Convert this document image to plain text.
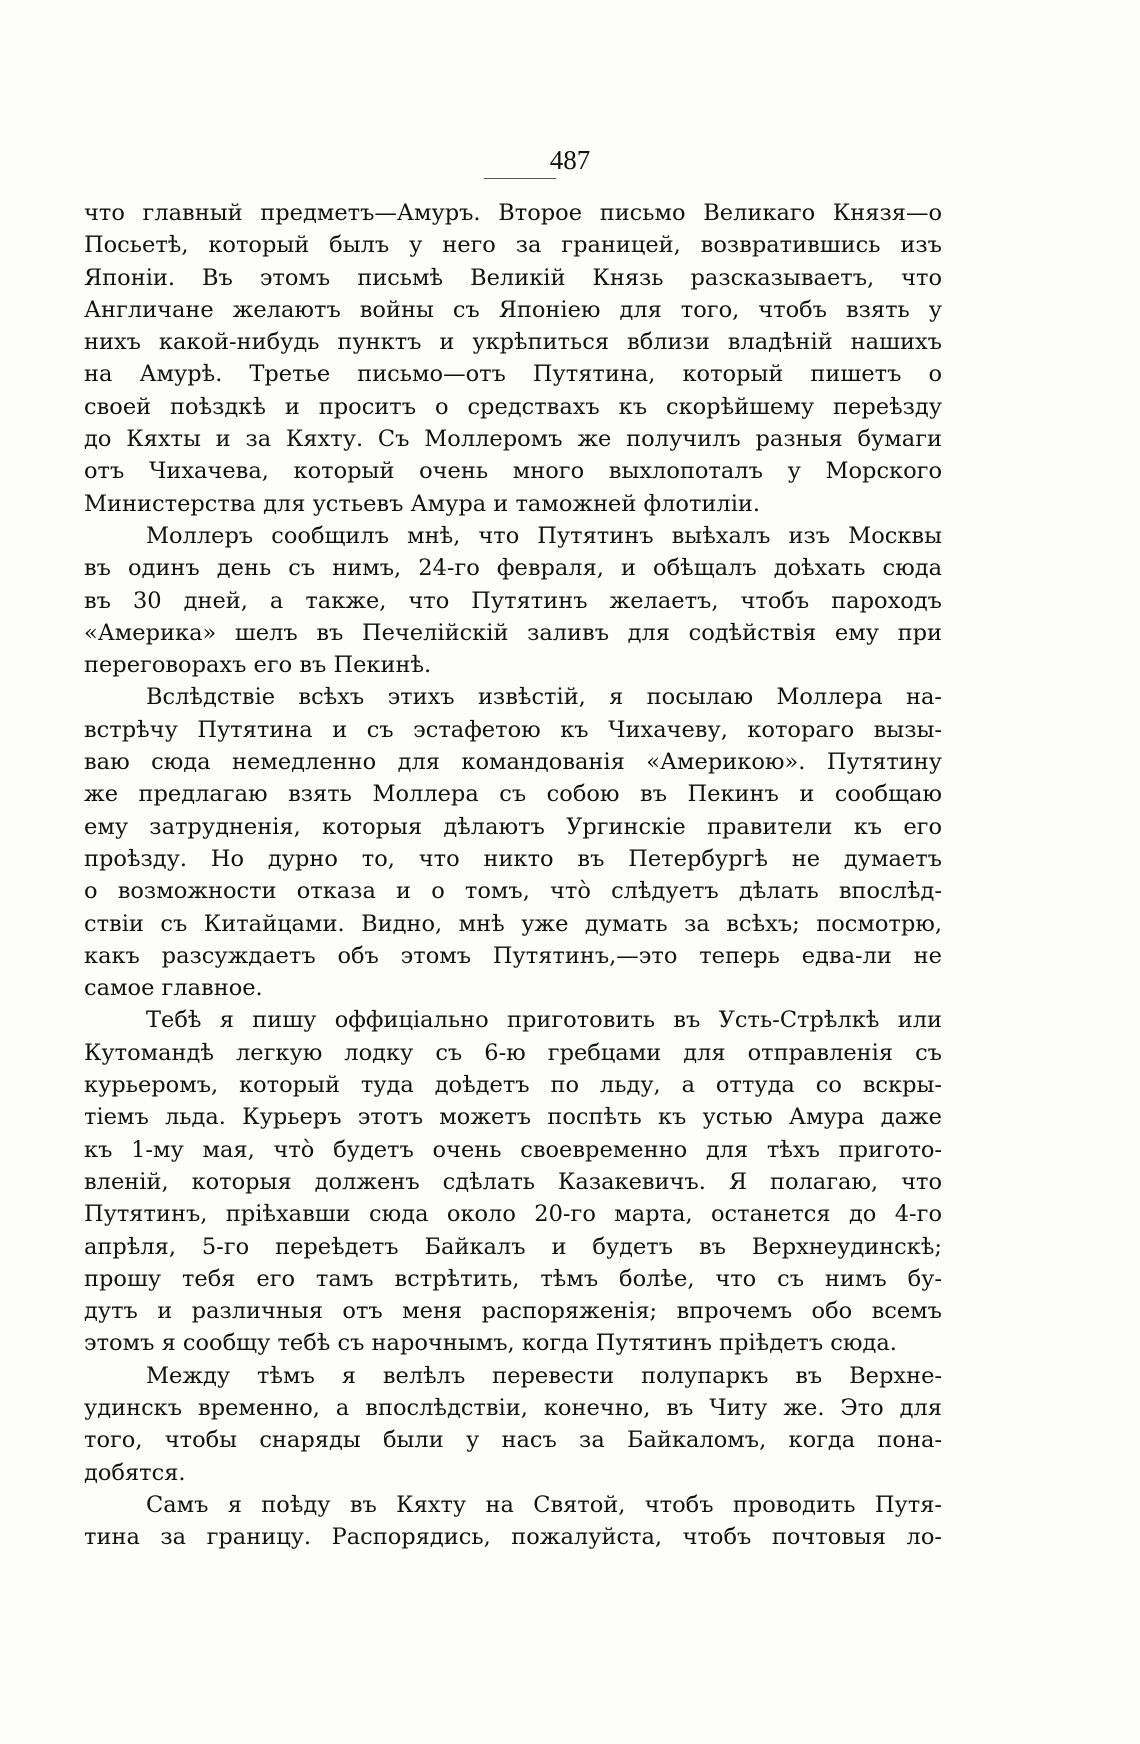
487
что главный предметъ—Амуръ. Второе письмо Великаго Князя—о
Посьетѣ, который былъ у него за границей, возвратившись изъ
Японіи. Въ этомъ письмѣ Великій Князь разсказываетъ, что
Англичане желаютъ войны съ Японіею для того, чтобъ взять у
нихъ какой-нибудь пунктъ и укрѣпиться вблизи владѣній нашихъ
на Амурѣ. Третье письмо—отъ Путятина, который пишетъ о
своей поѣздкѣ и проситъ о средствахъ къ скорѣйшему переѣзду
до Кяхты и за Кяхту. Съ Моллеромъ же получилъ разныя бумаги
отъ Чихачева, который очень много выхлопоталъ у Морского
Министерства для устьевъ Амура и таможней флотиліи.
Моллеръ сообщилъ мнѣ, что Путятинъ выѣхалъ изъ Москвы
въ одинъ день съ нимъ, 24-го февраля, и обѣщалъ доѣхать сюда
въ 30 дней, а также, что Путятинъ желаетъ, чтобъ пароходъ
«Америка» шелъ въ Печелійскій заливъ для содѣйствія ему при
переговорахъ его въ Пекинѣ.
Вслѣдствіе всѣхъ этихъ извѣстій, я посылаю Моллера на-
встрѣчу Путятина и съ эстафетою къ Чихачеву, котораго вызы-
ваю сюда немедленно для командованія «Америкою». Путятину
же предлагаю взять Моллера съ собою въ Пекинъ и сообщаю
ему затрудненія, которыя дѣлаютъ Ургинскіе правители къ его
проѣзду. Но дурно то, что никто въ Петербургѣ не думаетъ
о возможности отказа и о томъ, что̀ слѣдуетъ дѣлать впослѣд-
ствіи съ Китайцами. Видно, мнѣ уже думать за всѣхъ; посмотрю,
какъ разсуждаетъ объ этомъ Путятинъ,—это теперь едва-ли не
самое главное.
Тебѣ я пишу оффиціально приготовить въ Усть-Стрѣлкѣ или
Кутомандѣ легкую лодку съ 6-ю гребцами для отправленія съ
курьеромъ, который туда доѣдетъ по льду, а оттуда со вскры-
тіемъ льда. Курьеръ этотъ можетъ поспѣть къ устью Амура даже
къ 1-му мая, что̀ будетъ очень своевременно для тѣхъ пригото-
вленій, которыя долженъ сдѣлать Казакевичъ. Я полагаю, что
Путятинъ, пріѣхавши сюда около 20-го марта, останется до 4-го
апрѣля, 5-го переѣдетъ Байкалъ и будетъ въ Верхнеудинскѣ;
прошу тебя его тамъ встрѣтить, тѣмъ болѣе, что съ нимъ бу-
дутъ и различныя отъ меня распоряженія; впрочемъ обо всемъ
этомъ я сообщу тебѣ съ нарочнымъ, когда Путятинъ пріѣдетъ сюда.
Между тѣмъ я велѣлъ перевести полупаркъ въ Верхне-
удинскъ временно, а впослѣдствіи, конечно, въ Читу же. Это для
того, чтобы снаряды были у насъ за Байкаломъ, когда пона-
добятся.
Самъ я поѣду въ Кяхту на Святой, чтобъ проводить Путя-
тина за границу. Распорядись, пожалуйста, чтобъ почтовыя ло-
